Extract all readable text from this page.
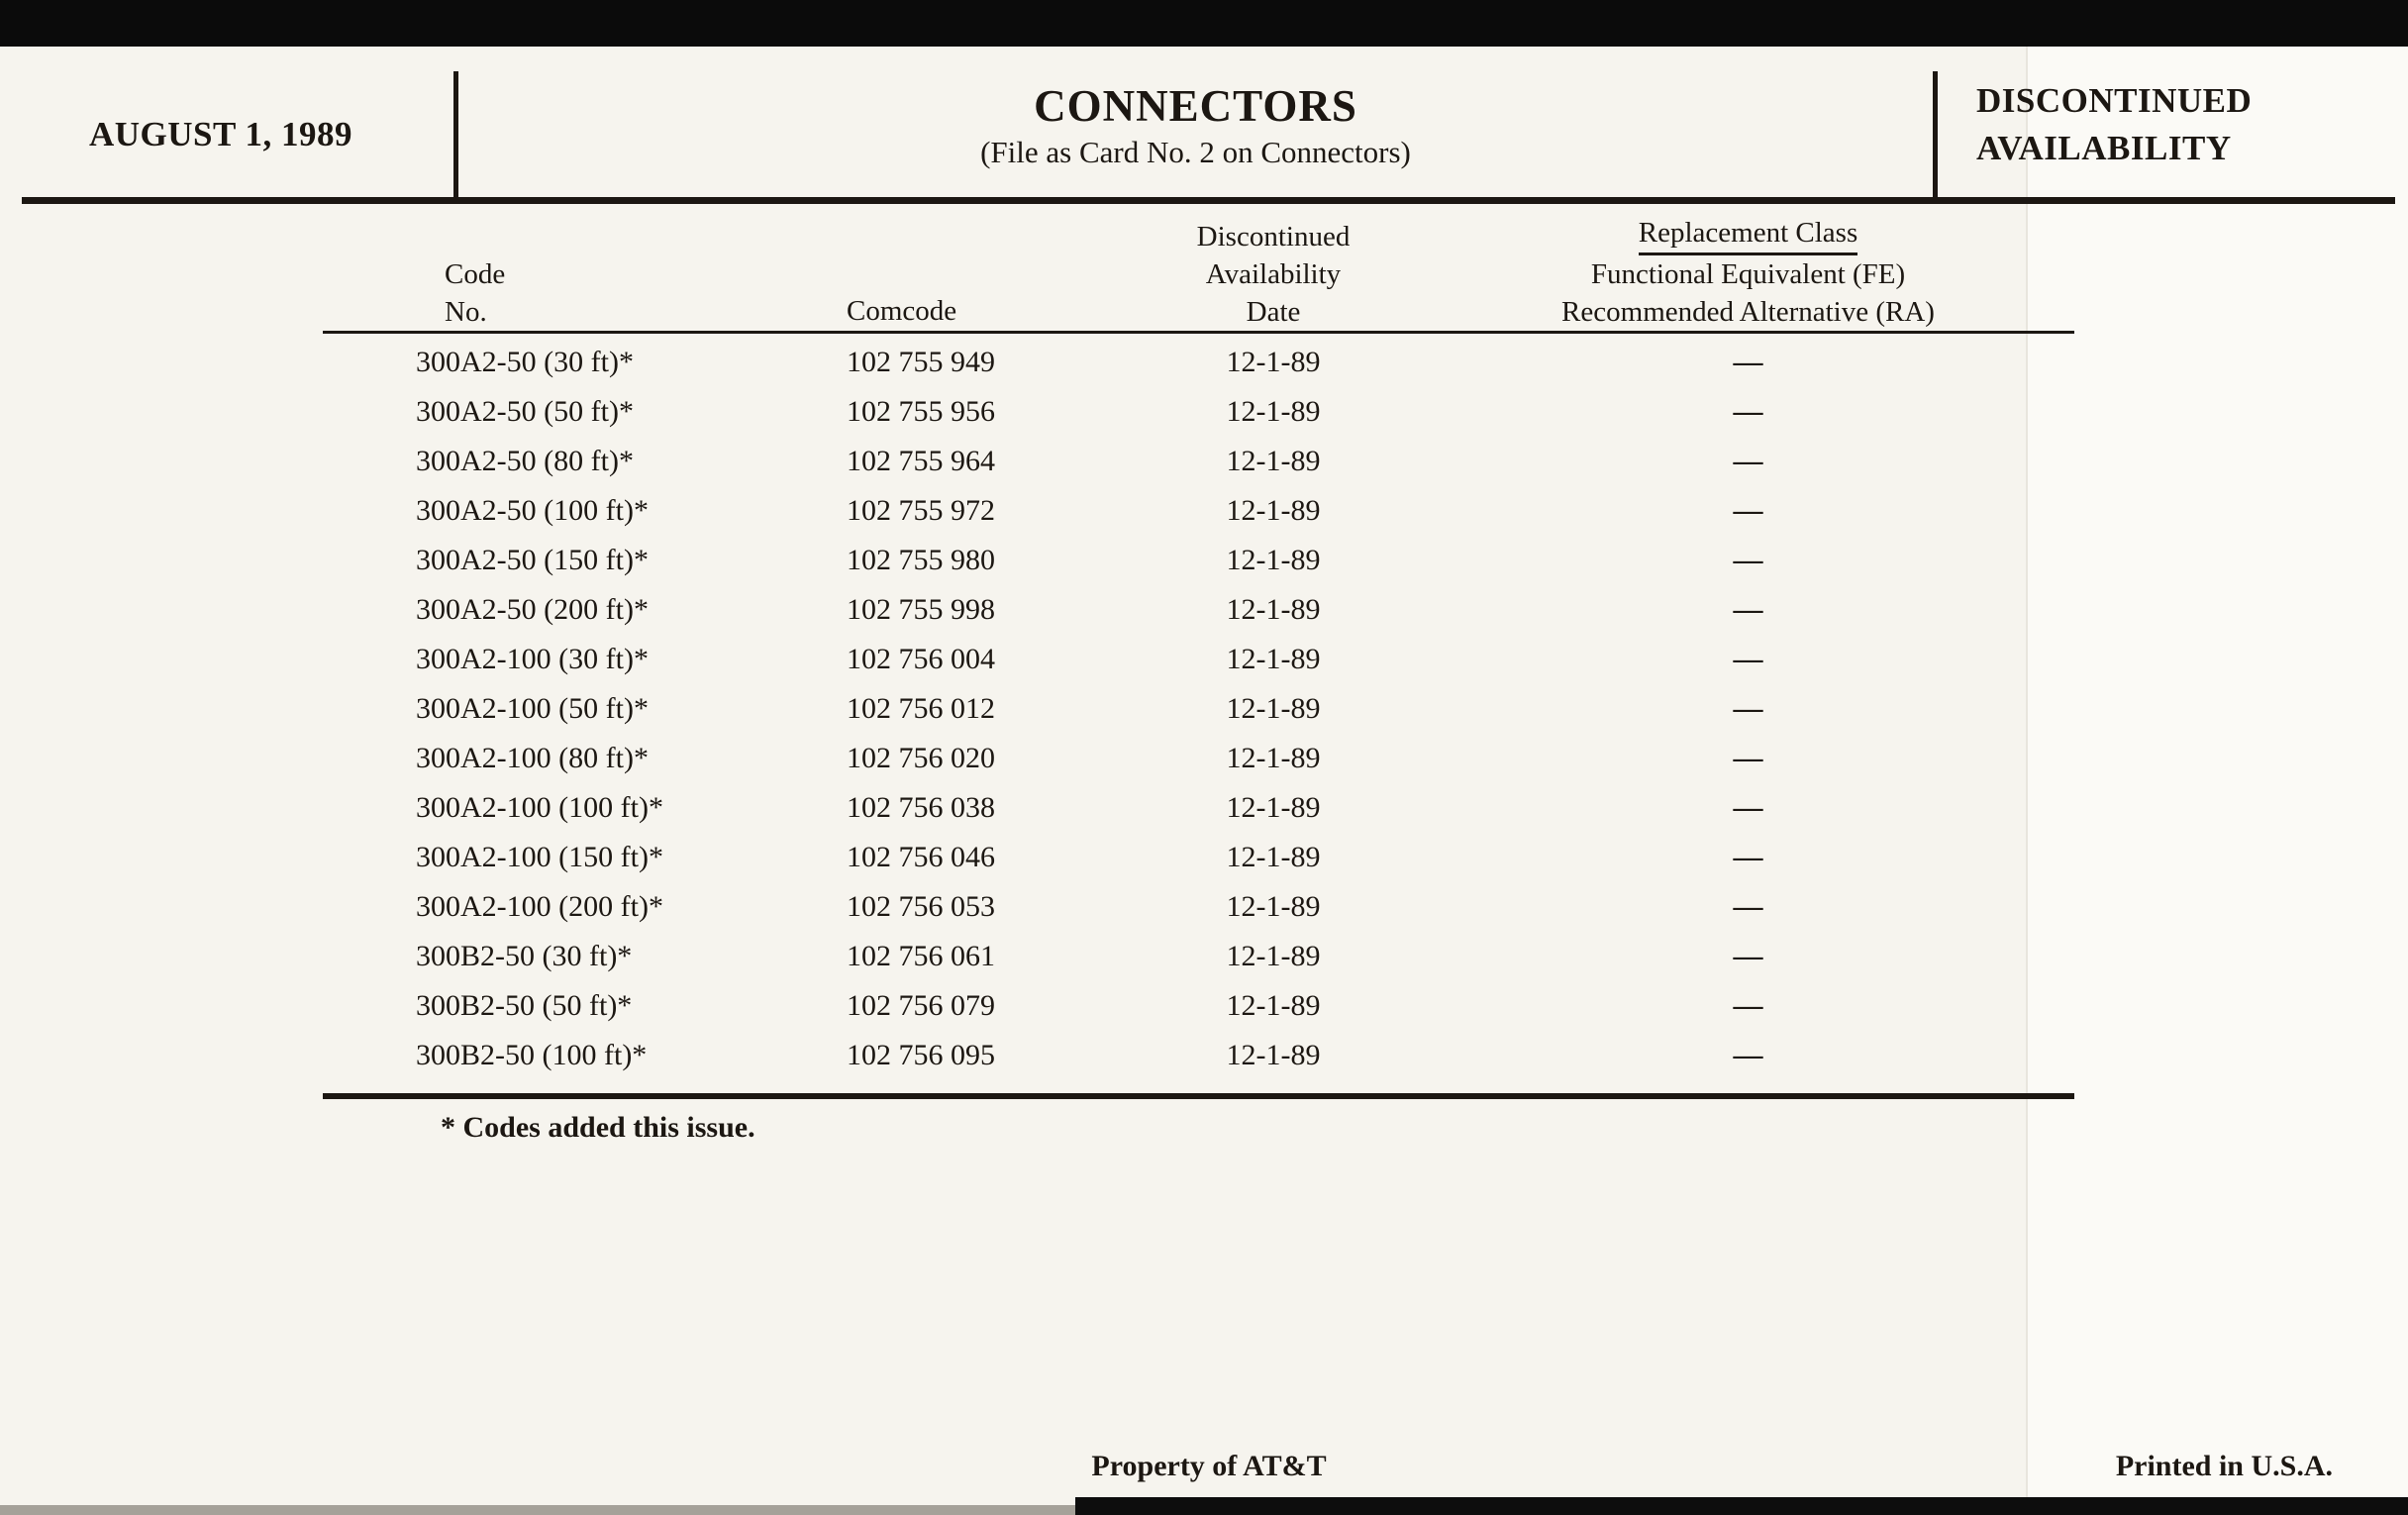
AUGUST 1, 1989
CONNECTORS
(File as Card No. 2 on Connectors)
DISCONTINUED
AVAILABILITY
Code
No.	Comcode
Discontinued
Availability
Date
Replacement Class
Functional Equivalent (FE)
Recommended Alternative (RA)
300A2-50 (30 ft)*	102 755 949	12-1-89	—
300A2-50 (50 ft)*	102 755 956	12-1-89	—
300A2-50 (80 ft)*	102 755 964	12-1-89	—
300A2-50 (100 ft)*	102 755 972	12-1-89	—
300A2-50 (150 ft)*	102 755 980	12-1-89	—
300A2-50 (200 ft)*	102 755 998	12-1-89	—
300A2-100 (30 ft)*	102 756 004	12-1-89	—
300A2-100 (50 ft)*	102 756 012	12-1-89	—
300A2-100 (80 ft)*	102 756 020	12-1-89	—
300A2-100 (100 ft)*	102 756 038	12-1-89	—
300A2-100 (150 ft)*	102 756 046	12-1-89	—
300A2-100 (200 ft)*	102 756 053	12-1-89	—
300B2-50 (30 ft)*	102 756 061	12-1-89	—
300B2-50 (50 ft)*	102 756 079	12-1-89	—
300B2-50 (100 ft)*	102 756 095	12-1-89	—
* Codes added this issue.
Property of AT&T	Printed in U.S.A.
